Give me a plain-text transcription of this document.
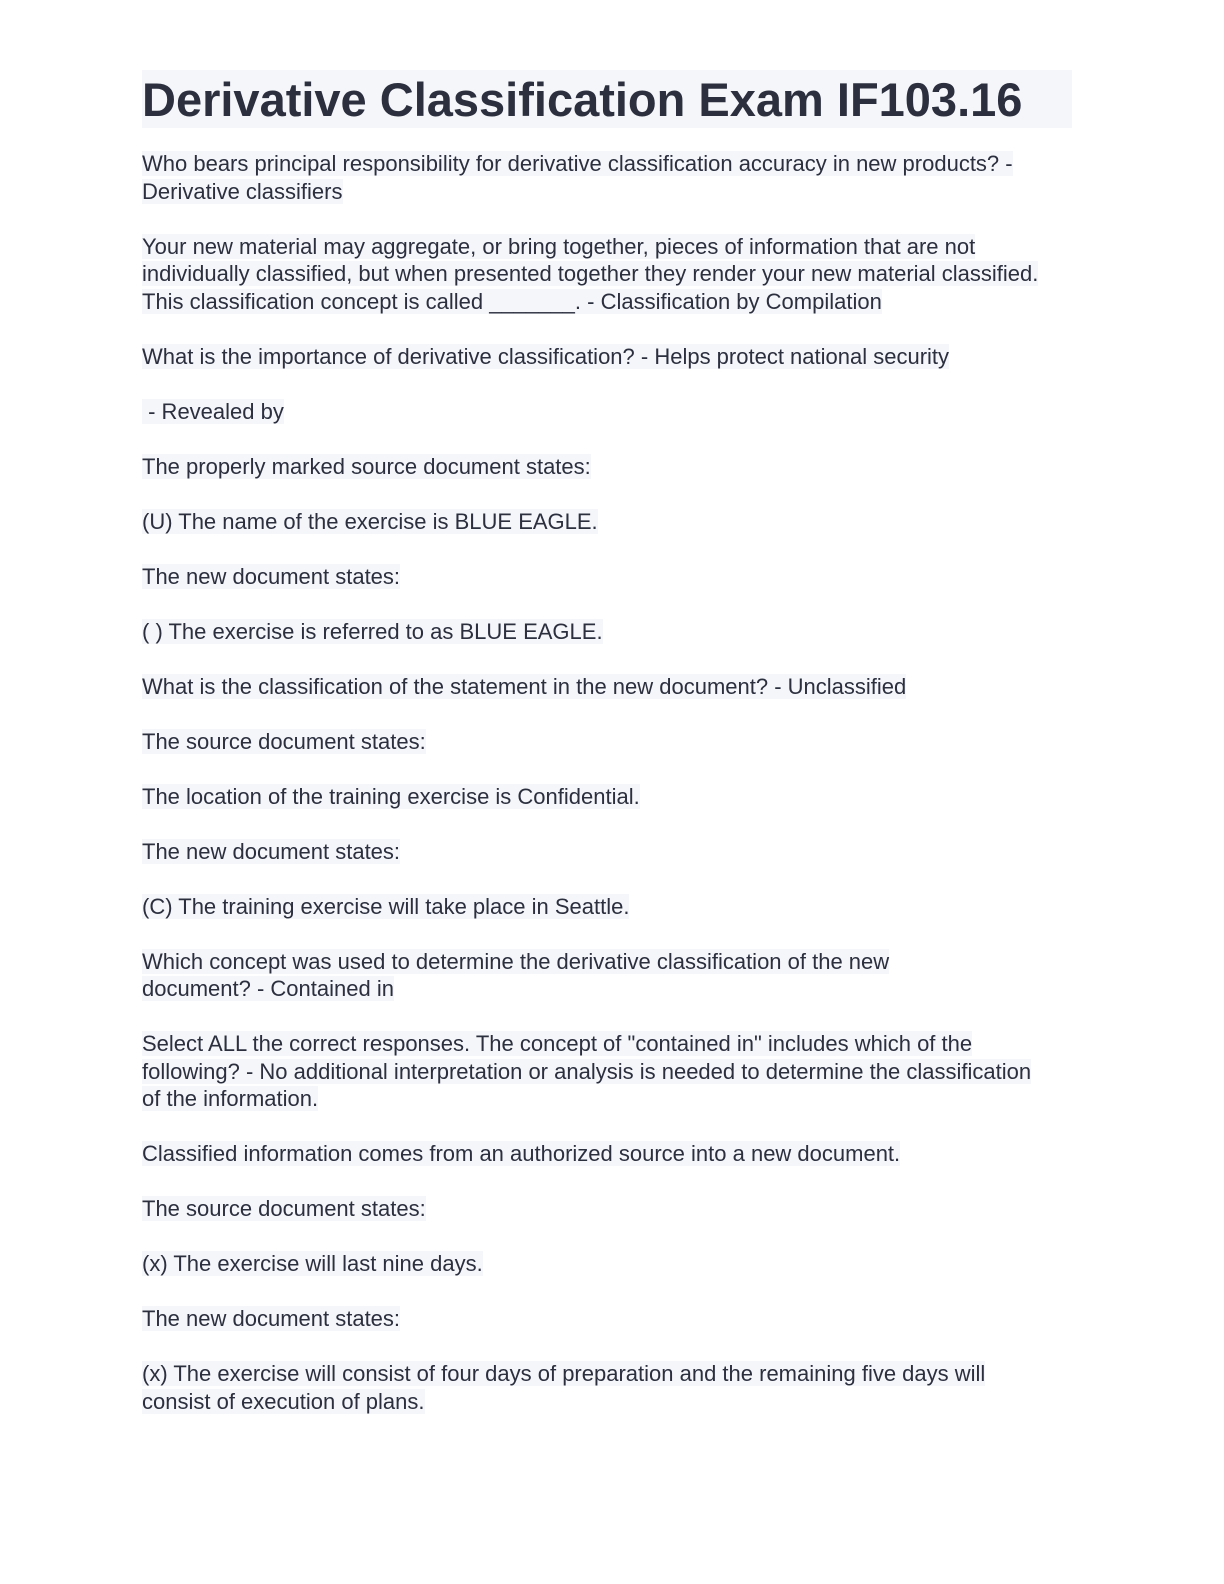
Derivative Classification Exam IF103.16
Who bears principal responsibility for derivative classification accuracy in new products? - Derivative classifiers
Your new material may aggregate, or bring together, pieces of information that are not individually classified, but when presented together they render your new material classified. This classification concept is called _______. - Classification by Compilation
What is the importance of derivative classification? - Helps protect national security
- Revealed by
The properly marked source document states:
(U) The name of the exercise is BLUE EAGLE.
The new document states:
( ) The exercise is referred to as BLUE EAGLE.
What is the classification of the statement in the new document? - Unclassified
The source document states:
The location of the training exercise is Confidential.
The new document states:
(C) The training exercise will take place in Seattle.
Which concept was used to determine the derivative classification of the new document? - Contained in
Select ALL the correct responses. The concept of "contained in" includes which of the following? - No additional interpretation or analysis is needed to determine the classification of the information.
Classified information comes from an authorized source into a new document.
The source document states:
(x) The exercise will last nine days.
The new document states:
(x) The exercise will consist of four days of preparation and the remaining five days will consist of execution of plans.
